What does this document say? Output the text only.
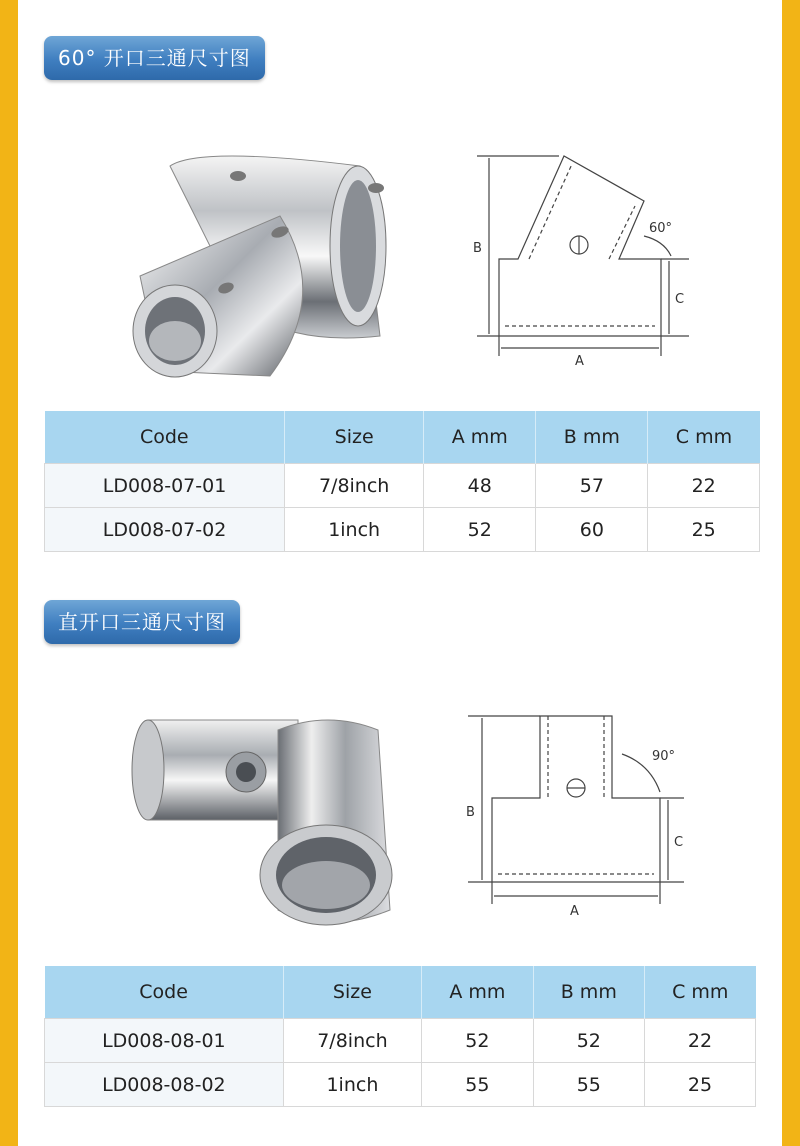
60° 开口三通尺寸图
60°
B
C
A
Code	Size	A mm	B mm	C mm
LD008-07-01	7/8inch	48	57	22
LD008-07-02	1inch	52	60	25
直开口三通尺寸图
90°
B
C
A
Code	Size	A mm	B mm	C mm
LD008-08-01	7/8inch	52	52	22
LD008-08-02	1inch	55	55	25
